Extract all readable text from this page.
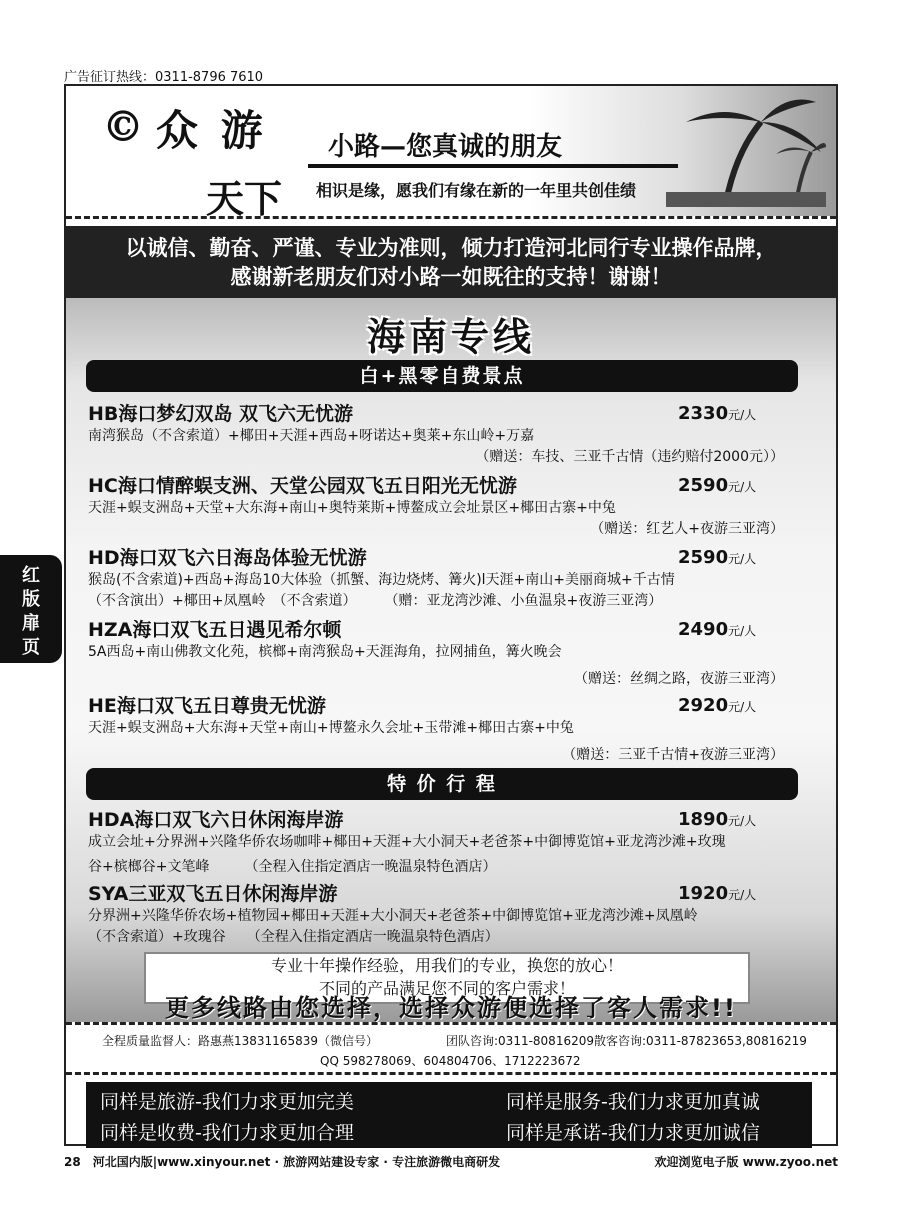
广告征订热线：0311-8796 7610
© 众 游
天下
小路—您真诚的朋友
相识是缘，愿我们有缘在新的一年里共创佳绩
以诚信、勤奋、严谨、专业为准则，倾力打造河北同行专业操作品牌，
感谢新老朋友们对小路一如既往的支持！谢谢！
海南专线
白+黑零自费景点
HB海口梦幻双岛 双飞六无忧游	2330元/人
南湾猴岛（不含索道）+椰田+天涯+西岛+呀诺达+奥莱+东山岭+万嘉
（赠送：车技、三亚千古情（违约赔付2000元））
HC海口情醉蜈支洲、天堂公园双飞五日阳光无忧游	2590元/人
天涯+蜈支洲岛+天堂+大东海+南山+奥特莱斯+博鳌成立会址景区+椰田古寨+中兔
（赠送：红艺人+夜游三亚湾）
HD海口双飞六日海岛体验无忧游	2590元/人
猴岛(不含索道)+西岛+海岛10大体验（抓蟹、海边烧烤、篝火)l天涯+南山+美丽商城+千古情
（不含演出）+椰田+凤凰岭　（不含索道）　　　（赠：亚龙湾沙滩、小鱼温泉+夜游三亚湾）
HZA海口双飞五日遇见希尔顿	2490元/人
5A西岛+南山佛教文化苑，槟榔+南湾猴岛+天涯海角，拉网捕鱼，篝火晚会
（赠送：丝绸之路，夜游三亚湾）
HE海口双飞五日尊贵无忧游	2920元/人
天涯+蜈支洲岛+大东海+天堂+南山+博鳌永久会址+玉带滩+椰田古寨+中兔
（赠送：三亚千古情+夜游三亚湾）
特 价 行 程
HDA海口双飞六日休闲海岸游	1890元/人
成立会址+分界洲+兴隆华侨农场咖啡+椰田+天涯+大小洞天+老爸茶+中御博览馆+亚龙湾沙滩+玫瑰
谷+槟榔谷+文笔峰　　　（全程入住指定酒店一晚温泉特色酒店）
SYA三亚双飞五日休闲海岸游	1920元/人
分界洲+兴隆华侨农场+植物园+椰田+天涯+大小洞天+老爸茶+中御博览馆+亚龙湾沙滩+凤凰岭
（不含索道）+玫瑰谷　　（全程入住指定酒店一晚温泉特色酒店）
专业十年操作经验，用我们的专业，换您的放心！
不同的产品满足您不同的客户需求！
更多线路由您选择，选择众游便选择了客人需求!!
全程质量监督人：路惠燕13831165839（微信号）	团队咨询:0311-80816209散客咨询:0311-87823653,80816219
QQ 598278069、604804706、1712223672
同样是旅游-我们力求更加完美	同样是服务-我们力求更加真诚
同样是收费-我们力求更加合理	同样是承诺-我们力求更加诚信
红
版
扉
页
28　河北国内版|www.xinyour.net · 旅游网站建设专家 · 专注旅游微电商研发	欢迎浏览电子版 www.zyoo.net
